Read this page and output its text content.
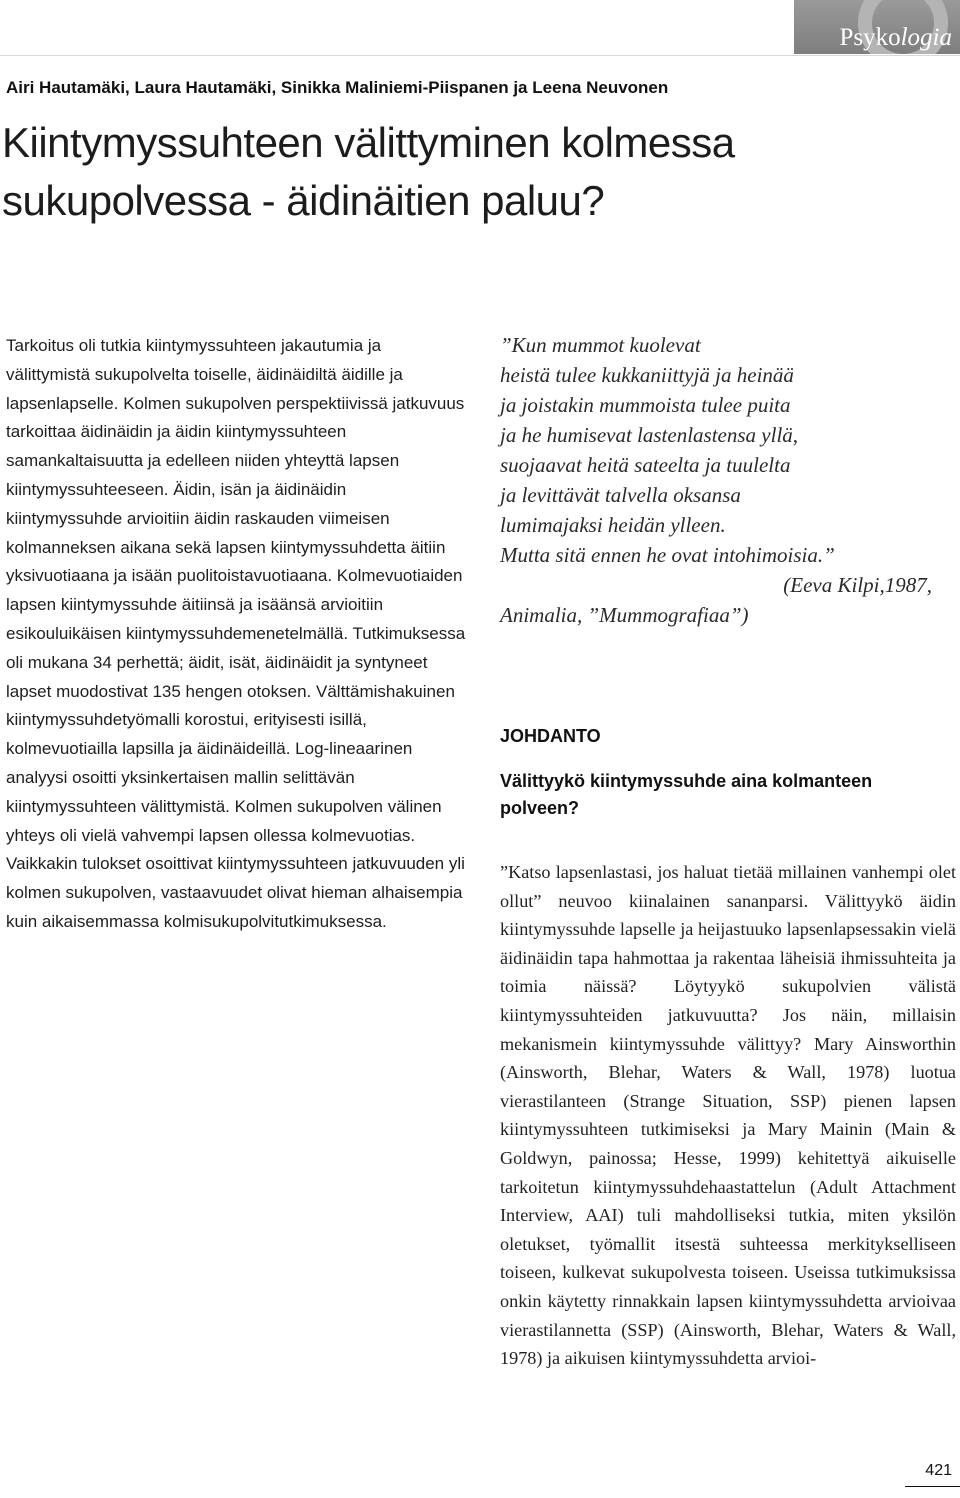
Psykologia
Airi Hautamäki, Laura Hautamäki, Sinikka Maliniemi-Piispanen ja Leena Neuvonen
Kiintymyssuhteen välittyminen kolmessa
sukupolvessa - äidinäitien paluu?

Tarkoitus oli tutkia kiintymyssuhteen jakautumia ja välittymistä sukupolvelta toiselle, äidinäidiltä äidille ja lapsenlapselle. Kolmen sukupolven perspektiivissä jatkuvuus tarkoittaa äidinäidin ja äidin kiintymyssuhteen samankaltaisuutta ja edelleen niiden yhteyttä lapsen kiintymyssuhteeseen. Äidin, isän ja äidinäidin kiintymyssuhde arvioitiin äidin raskauden viimeisen kolmanneksen aikana sekä lapsen kiintymyssuhdetta äitiin yksivuotiaana ja isään puolitoistavuotiaana. Kolmevuotiaiden lapsen kiintymyssuhde äitiinsä ja isäänsä arvioitiin esikouluikäisen kiintymyssuhdemenetelmällä. Tutkimuksessa oli mukana 34 perhettä; äidit, isät, äidinäidit ja syntyneet lapset muodostivat 135 hengen otoksen. Välttämishakuinen kiintymyssuhdetyömalli korostui, erityisesti isillä, kolmevuotiailla lapsilla ja äidinäideillä. Log-lineaarinen analyysi osoitti yksinkertaisen mallin selittävän kiintymyssuhteen välittymistä. Kolmen sukupolven välinen yhteys oli vielä vahvempi lapsen ollessa kolmevuotias. Vaikkakin tulokset osoittivat kiintymyssuhteen jatkuvuuden yli kolmen sukupolven, vastaavuudet olivat hieman alhaisempia kuin aikaisemmassa kolmisukupolvitutkimuksessa.

”Kun mummot kuolevat
heistä tulee kukkaniittyjä ja heinää
ja joistakin mummoista tulee puita
ja he humisevat lastenlastensa yllä,
suojaavat heitä sateelta ja tuulelta
ja levittävät talvella oksansa
lumimajaksi heidän ylleen.
Mutta sitä ennen he ovat intohimoisia.”
(Eeva Kilpi,1987,
Animalia, ”Mummografiaa”)
JOHDANTO
Välittyykö kiintymyssuhde aina kolmanteen polveen?

”Katso lapsenlastasi, jos haluat tietää millainen vanhempi olet ollut” neuvoo kiinalainen sananparsi. Välittyykö äidin kiintymyssuhde lapselle ja heijastuuko lapsenlapsessakin vielä äidinäidin tapa hahmottaa ja rakentaa läheisiä ihmissuhteita ja toimia näissä? Löytyykö sukupolvien välistä kiintymyssuhteiden jatkuvuutta? Jos näin, millaisin mekanismein kiintymyssuhde välittyy? Mary Ainsworthin (Ainsworth, Blehar, Waters & Wall, 1978) luotua vierastilanteen (Strange Situation, SSP) pienen lapsen kiintymyssuhteen tutkimiseksi ja Mary Mainin (Main & Goldwyn, painossa; Hesse, 1999) kehitettyä aikuiselle tarkoitetun kiintymyssuhdehaastattelun (Adult Attachment Interview, AAI) tuli mahdolliseksi tutkia, miten yksilön oletukset, työmallit itsestä suhteessa merkitykselliseen toiseen, kulkevat sukupolvesta toiseen. Useissa tutkimuksissa onkin käytetty rinnakkain lapsen kiintymyssuhdetta arvioivaa vierastilannetta (SSP) (Ainsworth, Blehar, Waters & Wall, 1978) ja aikuisen kiintymyssuhdetta arvioi-

421
